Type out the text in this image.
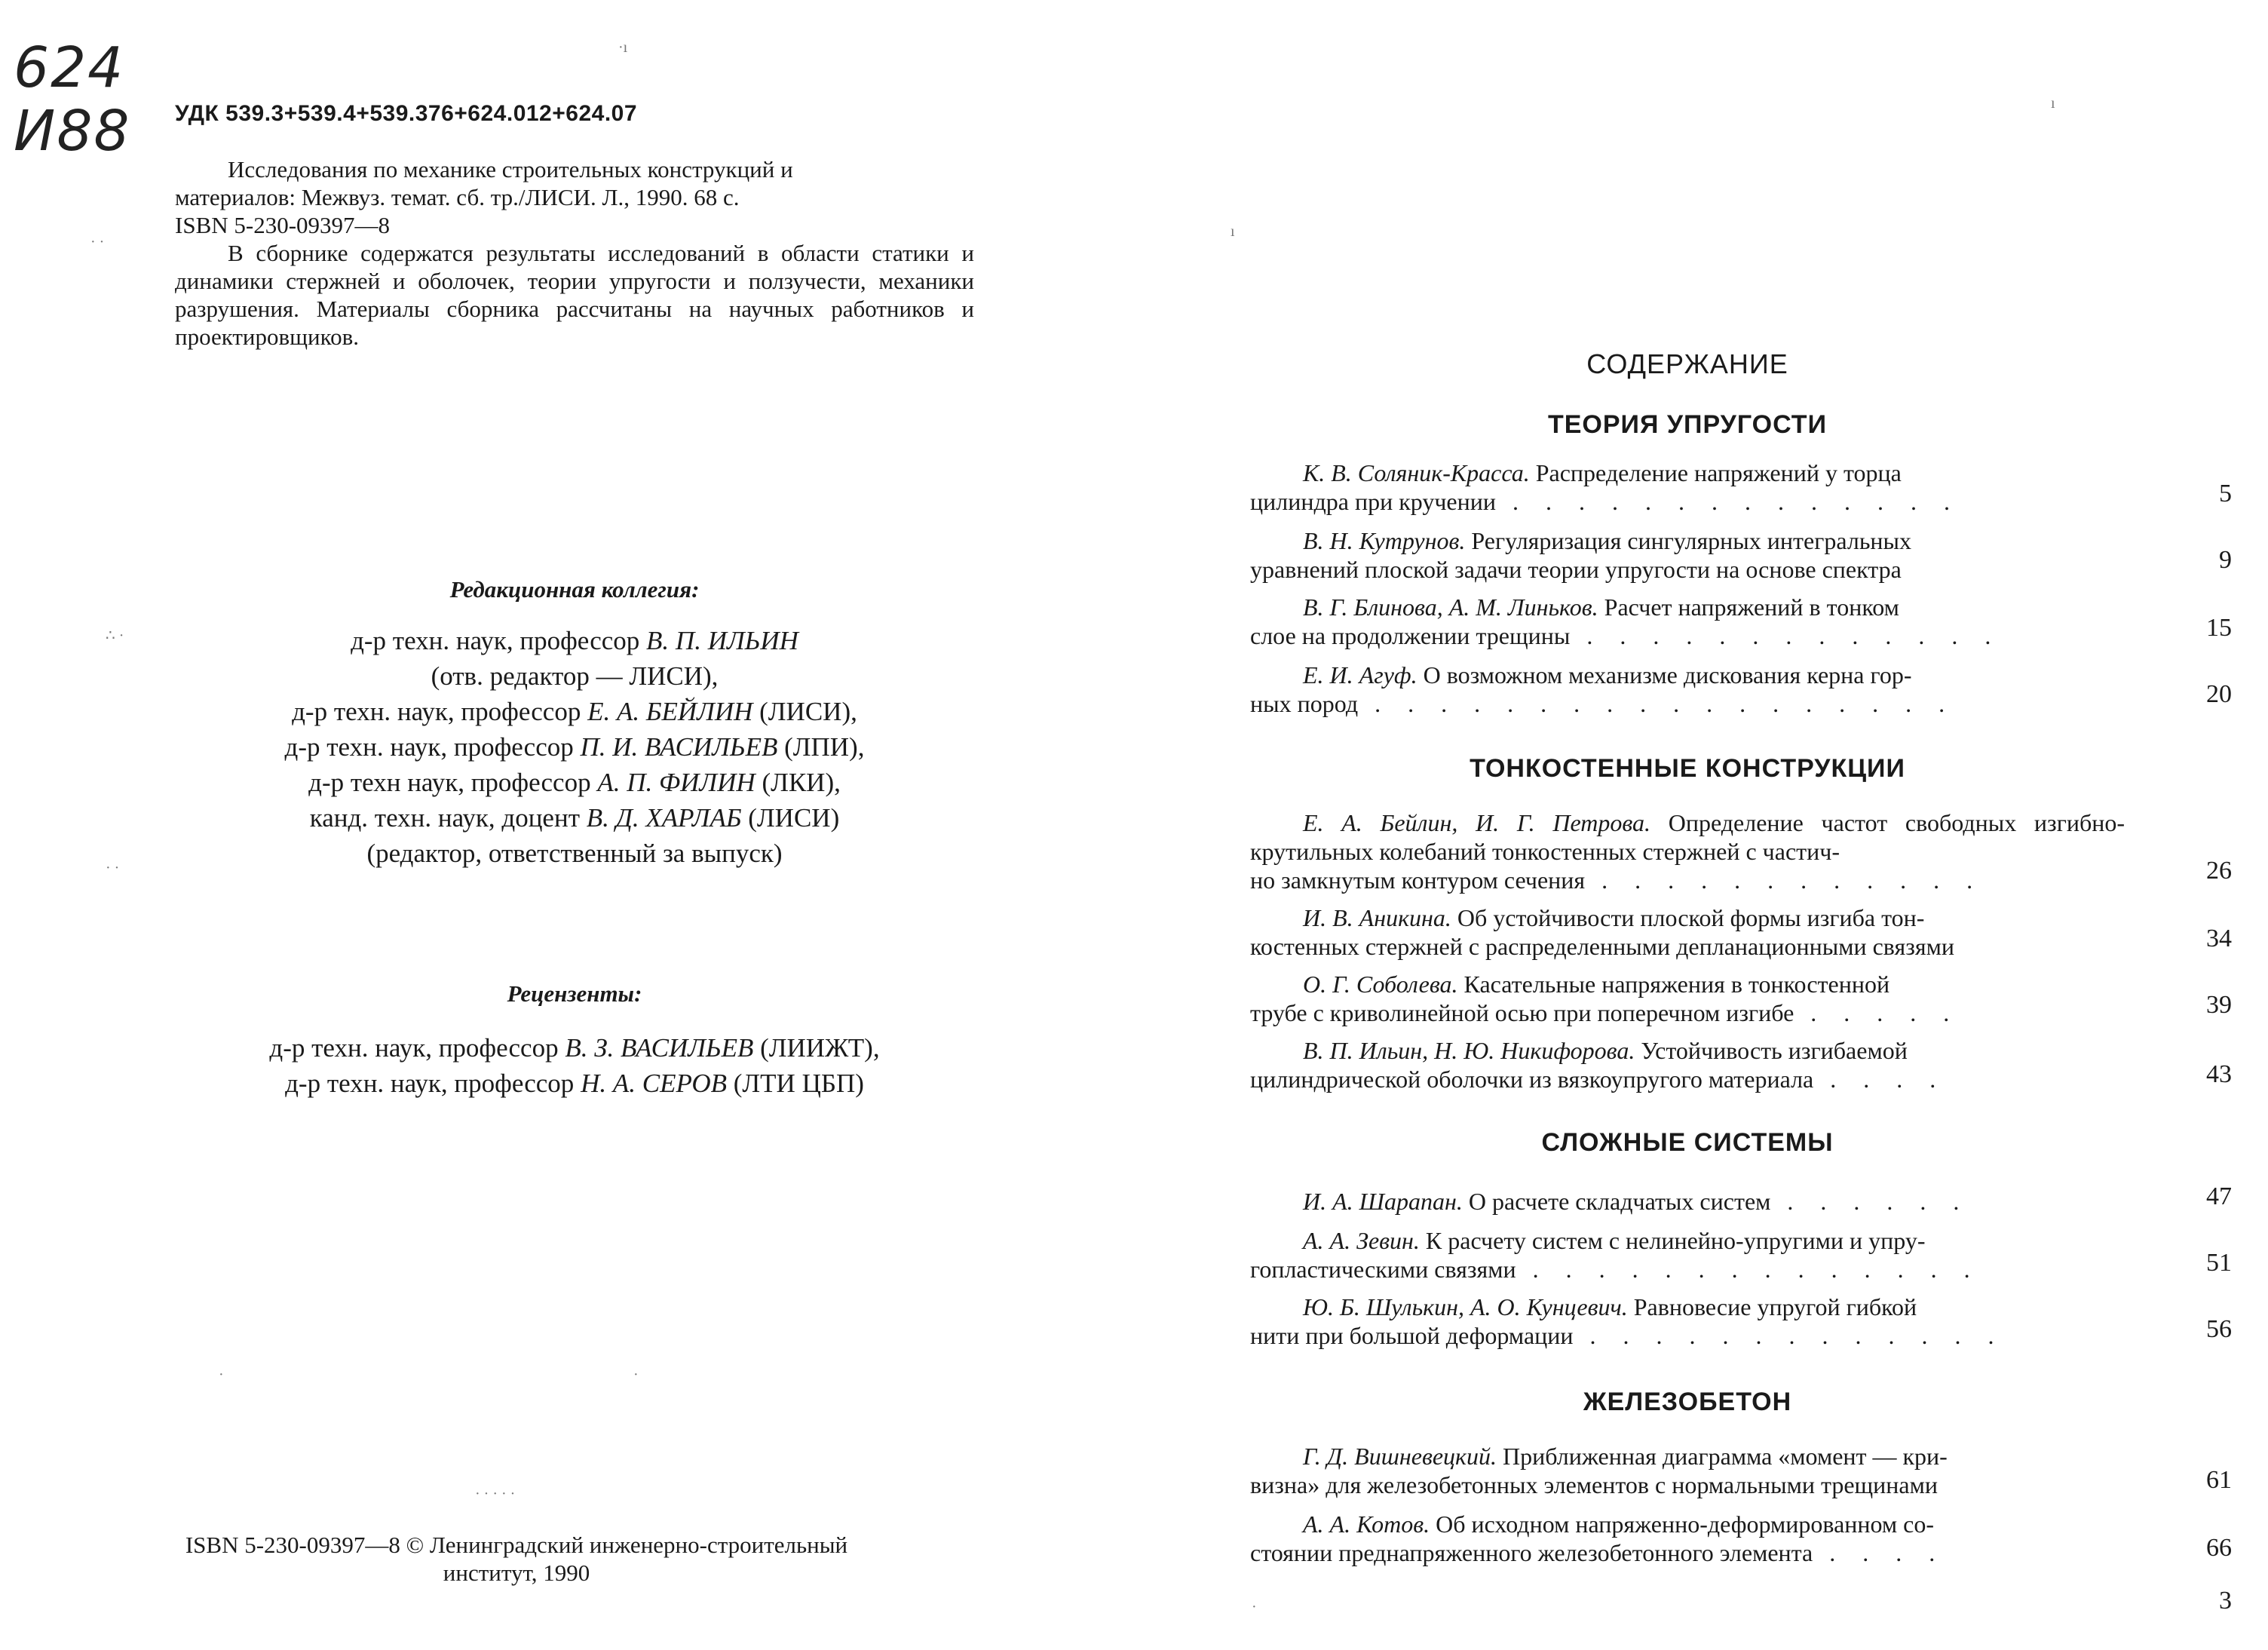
624
И88 УДК 539.3+539.4+539.376+624.012+624.07

Исследования по механике строительных конструкций и

материалов: Межвуз. темат. сб. тр./ЛИСИ. Л., 1990. 68 с.

ISBN 5-230-09397—8

В сборнике содержатся результаты исследований в области статики и динамики стержней и оболочек, теории упругости и ползучести, механики разрушения. Материалы сборника рассчитаны на научных работников и проектировщиков.

Редакционная коллегия:
д-р техн. наук, профессор В. П. ИЛЬИН
(отв. редактор — ЛИСИ),
д-р техн. наук, профессор Е. А. БЕЙЛИН (ЛИСИ),
д-р техн. наук, профессор П. И. ВАСИЛЬЕВ (ЛПИ),
д-р техн наук, профессор А. П. ФИЛИН (ЛКИ),
канд. техн. наук, доцент В. Д. ХАРЛАБ (ЛИСИ)
(редактор, ответственный за выпуск)
Рецензенты:
д-р техн. наук, профессор В. З. ВАСИЛЬЕВ (ЛИИЖТ),
д-р техн. наук, профессор Н. А. СЕРОВ (ЛТИ ЦБП)
ISBN 5-230-09397—8 © Ленинградский инженерно-строительный
институт, 1990
·ı
· ·
∴ ·
· ·
·	·
· · · · ·
ı
ı
·
СОДЕРЖАНИЕ
ТЕОРИЯ УПРУГОСТИ

К. В. Соляник-Красса. Распределение напряжений у торца

цилиндра при кручении . . . . . . . . . . . . . .	5

В. Н. Кутрунов. Регуляризация сингулярных интегральных

уравнений плоской задачи теории упругости на основе спектра	9

В. Г. Блинова, А. М. Линьков. Расчет напряжений в тонком

слое на продолжении трещины . . . . . . . . . . . . .	15

Е. И. Агуф. О возможном механизме дискования керна гор-

ных пород . . . . . . . . . . . . . . . . . .	20
ТОНКОСТЕННЫЕ КОНСТРУКЦИИ

Е. А. Бейлин, И. Г. Петрова. Определение частот свободных изгибно-крутильных колебаний тонкостенных стержней с частич-

но замкнутым контуром сечения . . . . . . . . . . . .	26

И. В. Аникина. Об устойчивости плоской формы изгиба тон-

костенных стержней с распределенными депланационными связями	34

О. Г. Соболева. Касательные напряжения в тонкостенной

трубе с криволинейной осью при поперечном изгибе . . . . .	39

В. П. Ильин, Н. Ю. Никифорова. Устойчивость изгибаемой

цилиндрической оболочки из вязкоупругого материала . . . .	43
СЛОЖНЫЕ СИСТЕМЫ

И. А. Шарапан. О расчете складчатых систем . . . . . .	47

А. А. Зевин. К расчету систем с нелинейно-упругими и упру-

гопластическими связями . . . . . . . . . . . . . .	51

Ю. Б. Шулькин, А. О. Кунцевич. Равновесие упругой гибкой

нити при большой деформации . . . . . . . . . . . . .	56
ЖЕЛЕЗОБЕТОН

Г. Д. Вишневецкий. Приближенная диаграмма «момент — кри-

визна» для железобетонных элементов с нормальными трещинами	61

А. А. Котов. Об исходном напряженно-деформированном со-

стоянии преднапряженного железобетонного элемента . . . .	66
3
